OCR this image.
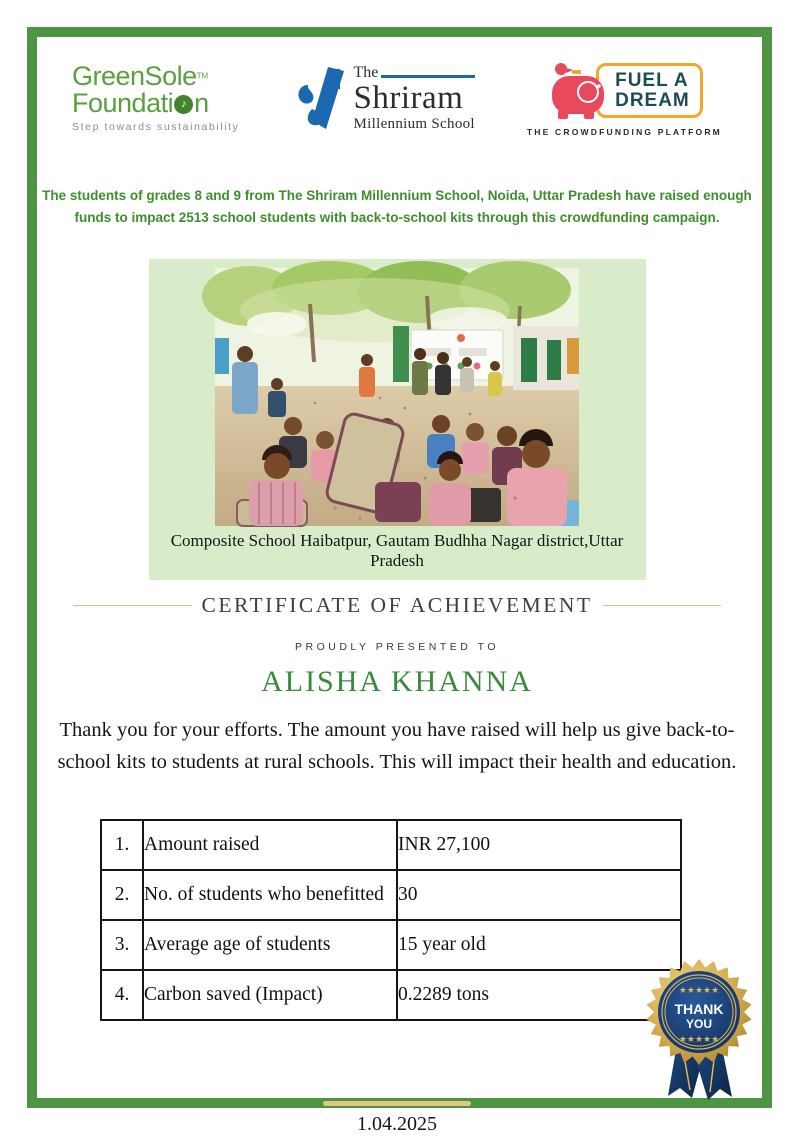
GreenSole™
Foundati ♪ n
Step towards sustainability
The
Shriram
Millennium School
FUEL A
DREAM
THE CROWDFUNDING PLATFORM
The students of grades 8 and 9 from The Shriram Millennium School, Noida, Uttar Pradesh have raised enough funds to impact 2513 school students with back-to-school kits through this crowdfunding campaign.
Composite School Haibatpur, Gautam Budhha Nagar district,Uttar Pradesh
CERTIFICATE OF ACHIEVEMENT
PROUDLY PRESENTED TO
ALISHA KHANNA
Thank you for your efforts. The amount you have raised will help us give back-to-school kits to students at rural schools. This will impact their health and education.
1.	Amount raised	INR 27,100
2.	No. of students who benefitted	30
3.	Average age of students	15 year old
4.	Carbon saved (Impact)	0.2289 tons
1.04.2025
★★★★★
THANK
YOU
★★★★★
